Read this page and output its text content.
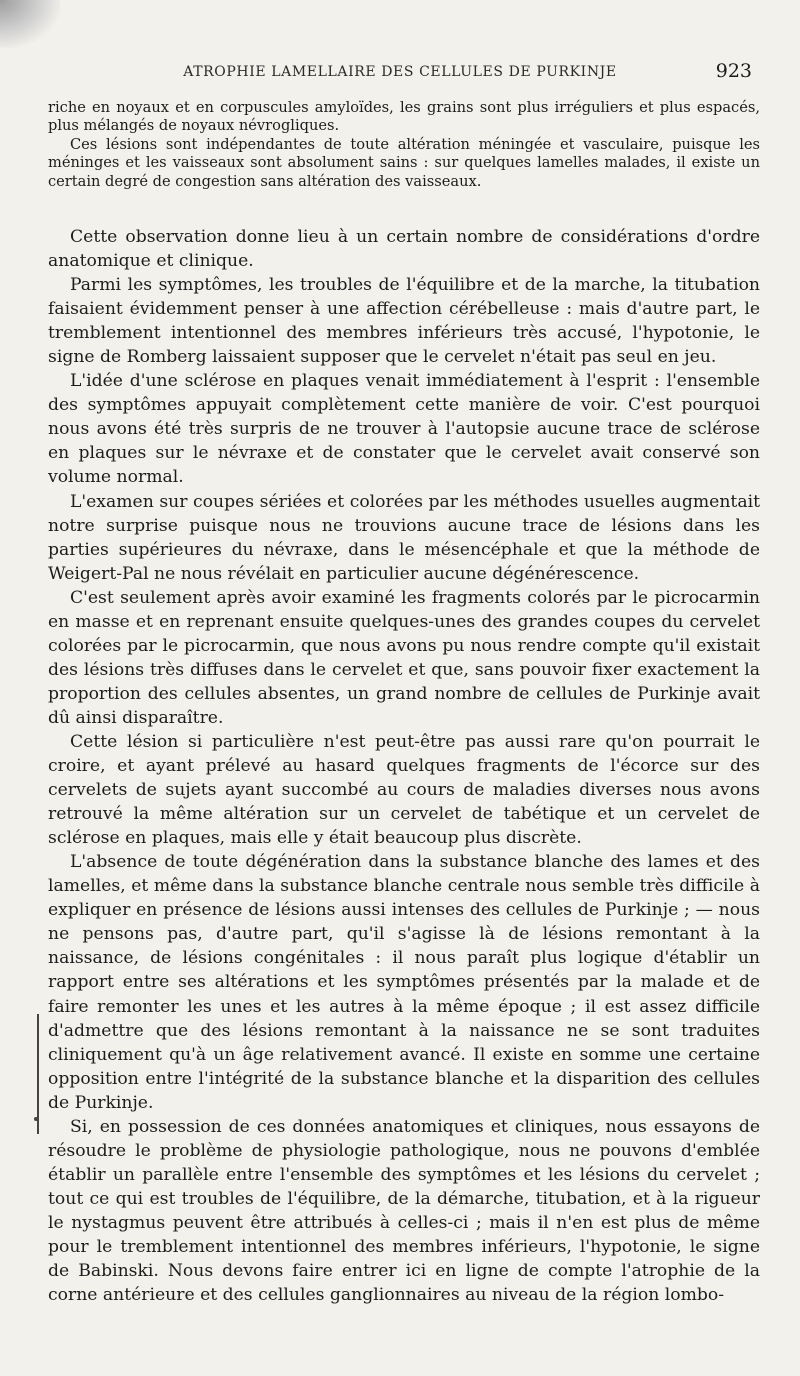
ATROPHIE LAMELLAIRE DES CELLULES DE PURKINJE	923

riche en noyaux et en corpuscules amyloïdes, les grains sont plus irréguliers et plus espacés, plus mélangés de noyaux névrogliques.

Ces lésions sont indépendantes de toute altération méningée et vasculaire, puisque les méninges et les vaisseaux sont absolument sains : sur quelques lamelles malades, il existe un certain degré de congestion sans altération des vaisseaux.

Cette observation donne lieu à un certain nombre de considérations d'ordre anatomique et clinique.

Parmi les symptômes, les troubles de l'équilibre et de la marche, la titubation faisaient évidemment penser à une affection cérébelleuse : mais d'autre part, le tremblement intentionnel des membres inférieurs très accusé, l'hypotonie, le signe de Romberg laissaient supposer que le cervelet n'était pas seul en jeu.

L'idée d'une sclérose en plaques venait immédiatement à l'esprit : l'ensemble des symptômes appuyait complètement cette manière de voir. C'est pourquoi nous avons été très surpris de ne trouver à l'autopsie aucune trace de sclérose en plaques sur le névraxe et de constater que le cervelet avait conservé son volume normal.

L'examen sur coupes sériées et colorées par les méthodes usuelles augmentait notre surprise puisque nous ne trouvions aucune trace de lésions dans les parties supérieures du névraxe, dans le mésencéphale et que la méthode de Weigert-Pal ne nous révélait en particulier aucune dégénérescence.

C'est seulement après avoir examiné les fragments colorés par le picrocarmin en masse et en reprenant ensuite quelques-unes des grandes coupes du cervelet colorées par le picrocarmin, que nous avons pu nous rendre compte qu'il existait des lésions très diffuses dans le cervelet et que, sans pouvoir fixer exactement la proportion des cellules absentes, un grand nombre de cellules de Purkinje avait dû ainsi disparaître.

Cette lésion si particulière n'est peut-être pas aussi rare qu'on pourrait le croire, et ayant prélevé au hasard quelques fragments de l'écorce sur des cervelets de sujets ayant succombé au cours de maladies diverses nous avons retrouvé la même altération sur un cervelet de tabétique et un cervelet de sclérose en plaques, mais elle y était beaucoup plus discrète.

L'absence de toute dégénération dans la substance blanche des lames et des lamelles, et même dans la substance blanche centrale nous semble très difficile à expliquer en présence de lésions aussi intenses des cellules de Purkinje ; — nous ne pensons pas, d'autre part, qu'il s'agisse là de lésions remontant à la naissance, de lésions congénitales : il nous paraît plus logique d'établir un rapport entre ses altérations et les symptômes présentés par la malade et de faire remonter les unes et les autres à la même époque ; il est assez difficile d'admettre que des lésions remontant à la naissance ne se sont traduites cliniquement qu'à un âge relativement avancé. Il existe en somme une certaine opposition entre l'intégrité de la substance blanche et la disparition des cellules de Purkinje.

Si, en possession de ces données anatomiques et cliniques, nous essayons de résoudre le problème de physiologie pathologique, nous ne pouvons d'emblée établir un parallèle entre l'ensemble des symptômes et les lésions du cervelet ; tout ce qui est troubles de l'équilibre, de la démarche, titubation, et à la rigueur le nystagmus peuvent être attribués à celles-ci ; mais il n'en est plus de même pour le tremblement intentionnel des membres inférieurs, l'hypotonie, le signe de Babinski. Nous devons faire entrer ici en ligne de compte l'atrophie de la corne antérieure et des cellules ganglionnaires au niveau de la région lombo-
